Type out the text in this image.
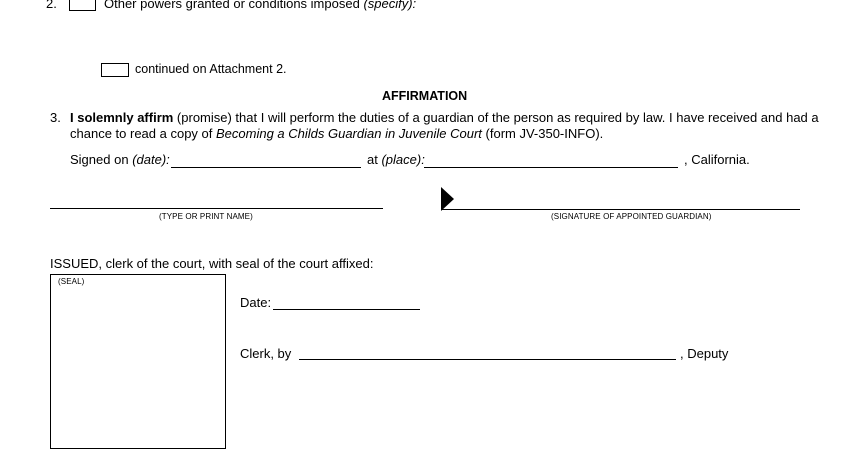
2.	Other powers granted or conditions imposed (specify):
continued on Attachment 2.
AFFIRMATION
3. I solemnly affirm (promise) that I will perform the duties of a guardian of the person as required by law. I have received and had a
chance to read a copy of Becoming a Childs Guardian in Juvenile Court (form JV-350-INFO).
Signed on (date):	at (place):	, California.
(TYPE OR PRINT NAME)	(SIGNATURE OF APPOINTED GUARDIAN)
ISSUED, clerk of the court, with seal of the court affixed:
(SEAL)
Date:
Clerk, by	, Deputy
